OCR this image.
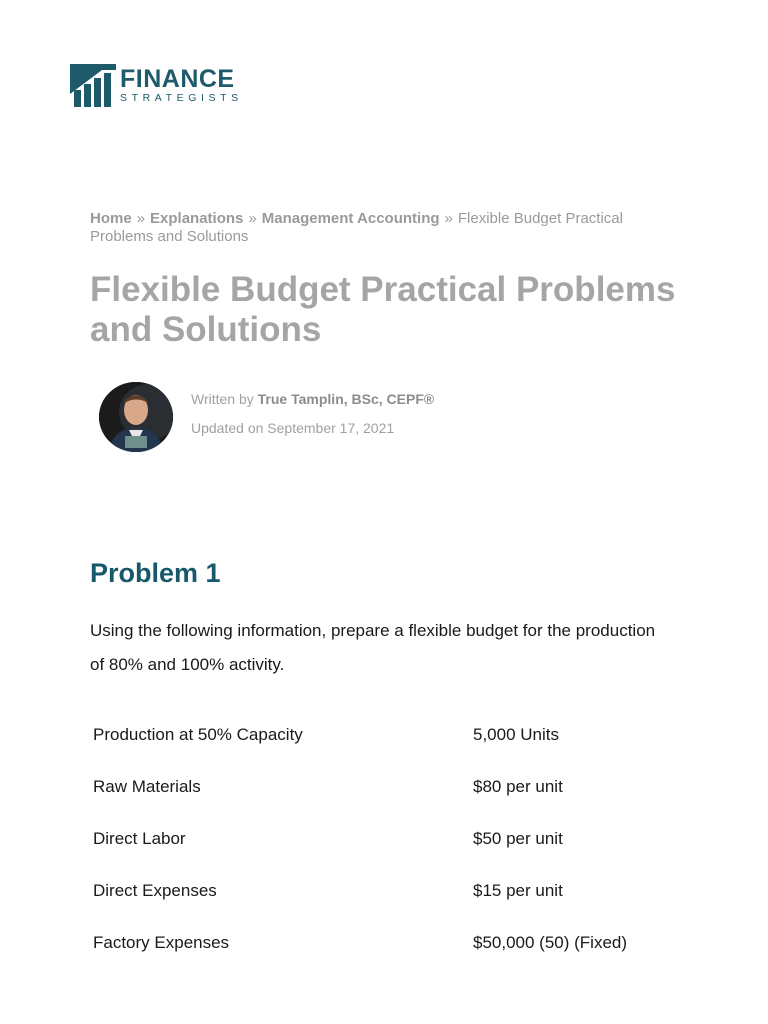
FINANCE
STRATEGISTS
Home » Explanations » Management Accounting » Flexible Budget Practical Problems and Solutions
Flexible Budget Practical Problems and Solutions
Written by True Tamplin, BSc, CEPF®
Updated on September 17, 2021
Problem 1

Using the following information, prepare a flexible budget for the production of 80% and 100% activity.

Production at 50% Capacity	5,000 Units
Raw Materials	$80 per unit
Direct Labor	$50 per unit
Direct Expenses	$15 per unit
Factory Expenses	$50,000 (50) (Fixed)
